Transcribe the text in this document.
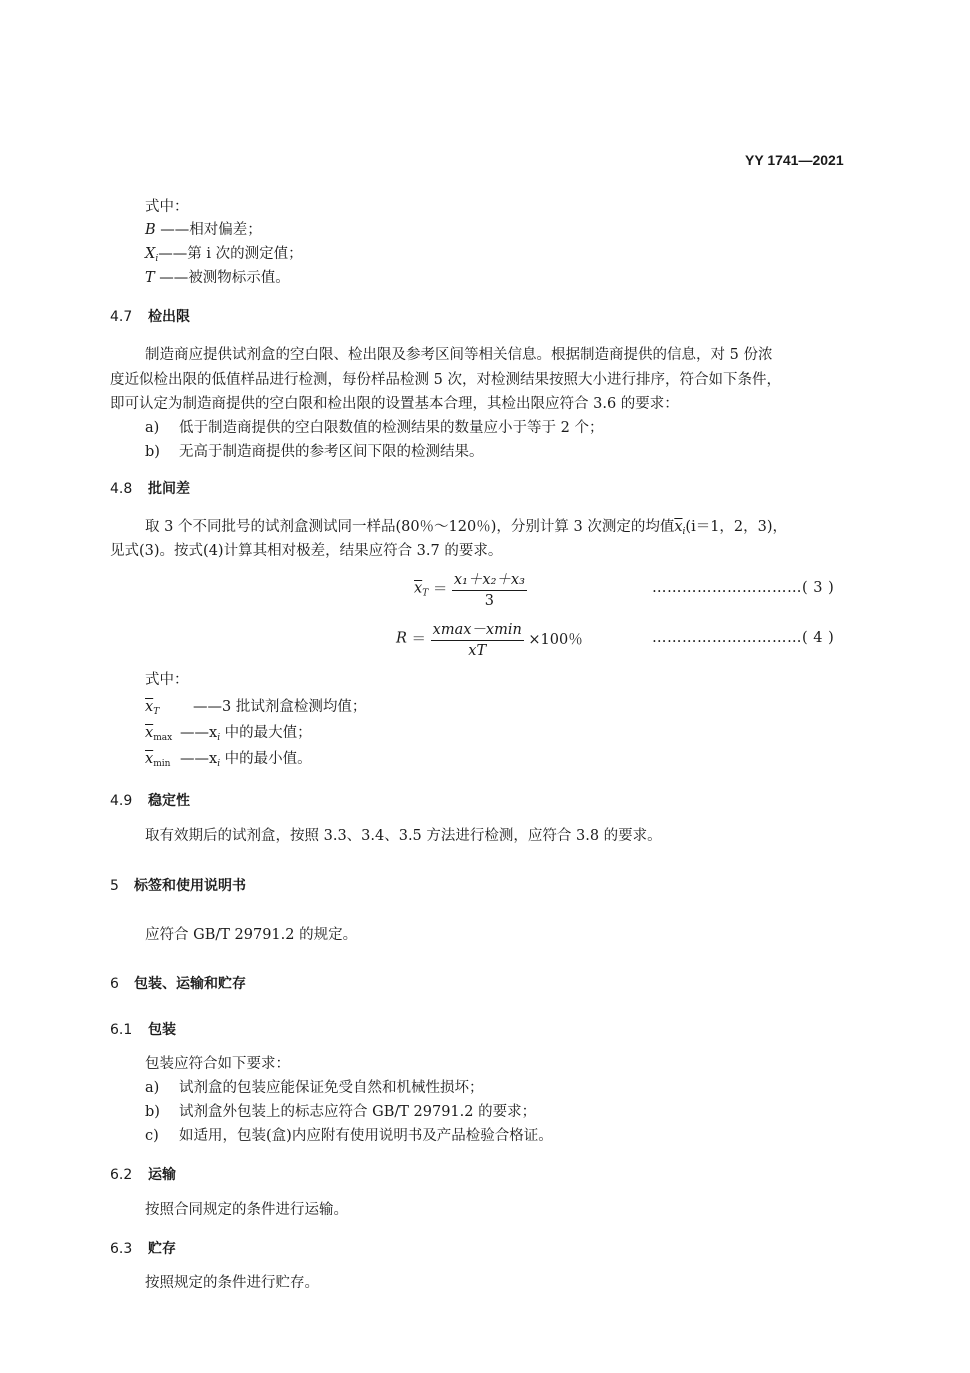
YY 1741—2021
式中：
B ——相对偏差；
$X_i——$第 i 次的测定值；
T ——被测物标示值。
4.7 检出限
制造商应提供试剂盒的空白限、检出限及参考区间等相关信息。根据制造商提供的信息，对 5 份浓
度近似检出限的低值样品进行检测，每份样品检测 5 次，对检测结果按照大小进行排序，符合如下条件，
即可认定为制造商提供的空白限和检出限的设置基本合理，其检出限应符合 3.6 的要求：
a) 低于制造商提供的空白限数值的检测结果的数量应小于等于 2 个；
b) 无高于制造商提供的参考区间下限的检测结果。
4.8 批间差
取 3 个不同批号的试剂盒测试同一样品(80％～120％)，分别计算 3 次测定的均值$\overline{x}_i(i=1$，2，3)，
见式(3)。按式(4)计算其相对极差，结果应符合 3.7 的要求。
$\overline{x}_T = \frac{\text{x₁＋x₂＋x₃}}{3}$	…………………………( 3 )
$R = \frac{xmax-xmin}{xT} \times 100$％	…………………………( 4 )
式中：
$\overline{x}_T$ ——3 批试剂盒检测均值；
$\overline{x}_{max}$ $——x_i$ 中的最大值；
$\overline{x}_{min}$ $——x_i$ 中的最小值。
4.9 稳定性
取有效期后的试剂盒，按照 3.3、3.4、3.5 方法进行检测，应符合 3.8 的要求。
5 标签和使用说明书
应符合 GB/T 29791.2 的规定。
6 包装、运输和贮存
6.1 包装
包装应符合如下要求：
a) 试剂盒的包装应能保证免受自然和机械性损坏；
b) 试剂盒外包装上的标志应符合 GB/T 29791.2 的要求；
c) 如适用，包装(盒)内应附有使用说明书及产品检验合格证。
6.2 运输
按照合同规定的条件进行运输。
6.3 贮存
按照规定的条件进行贮存。
